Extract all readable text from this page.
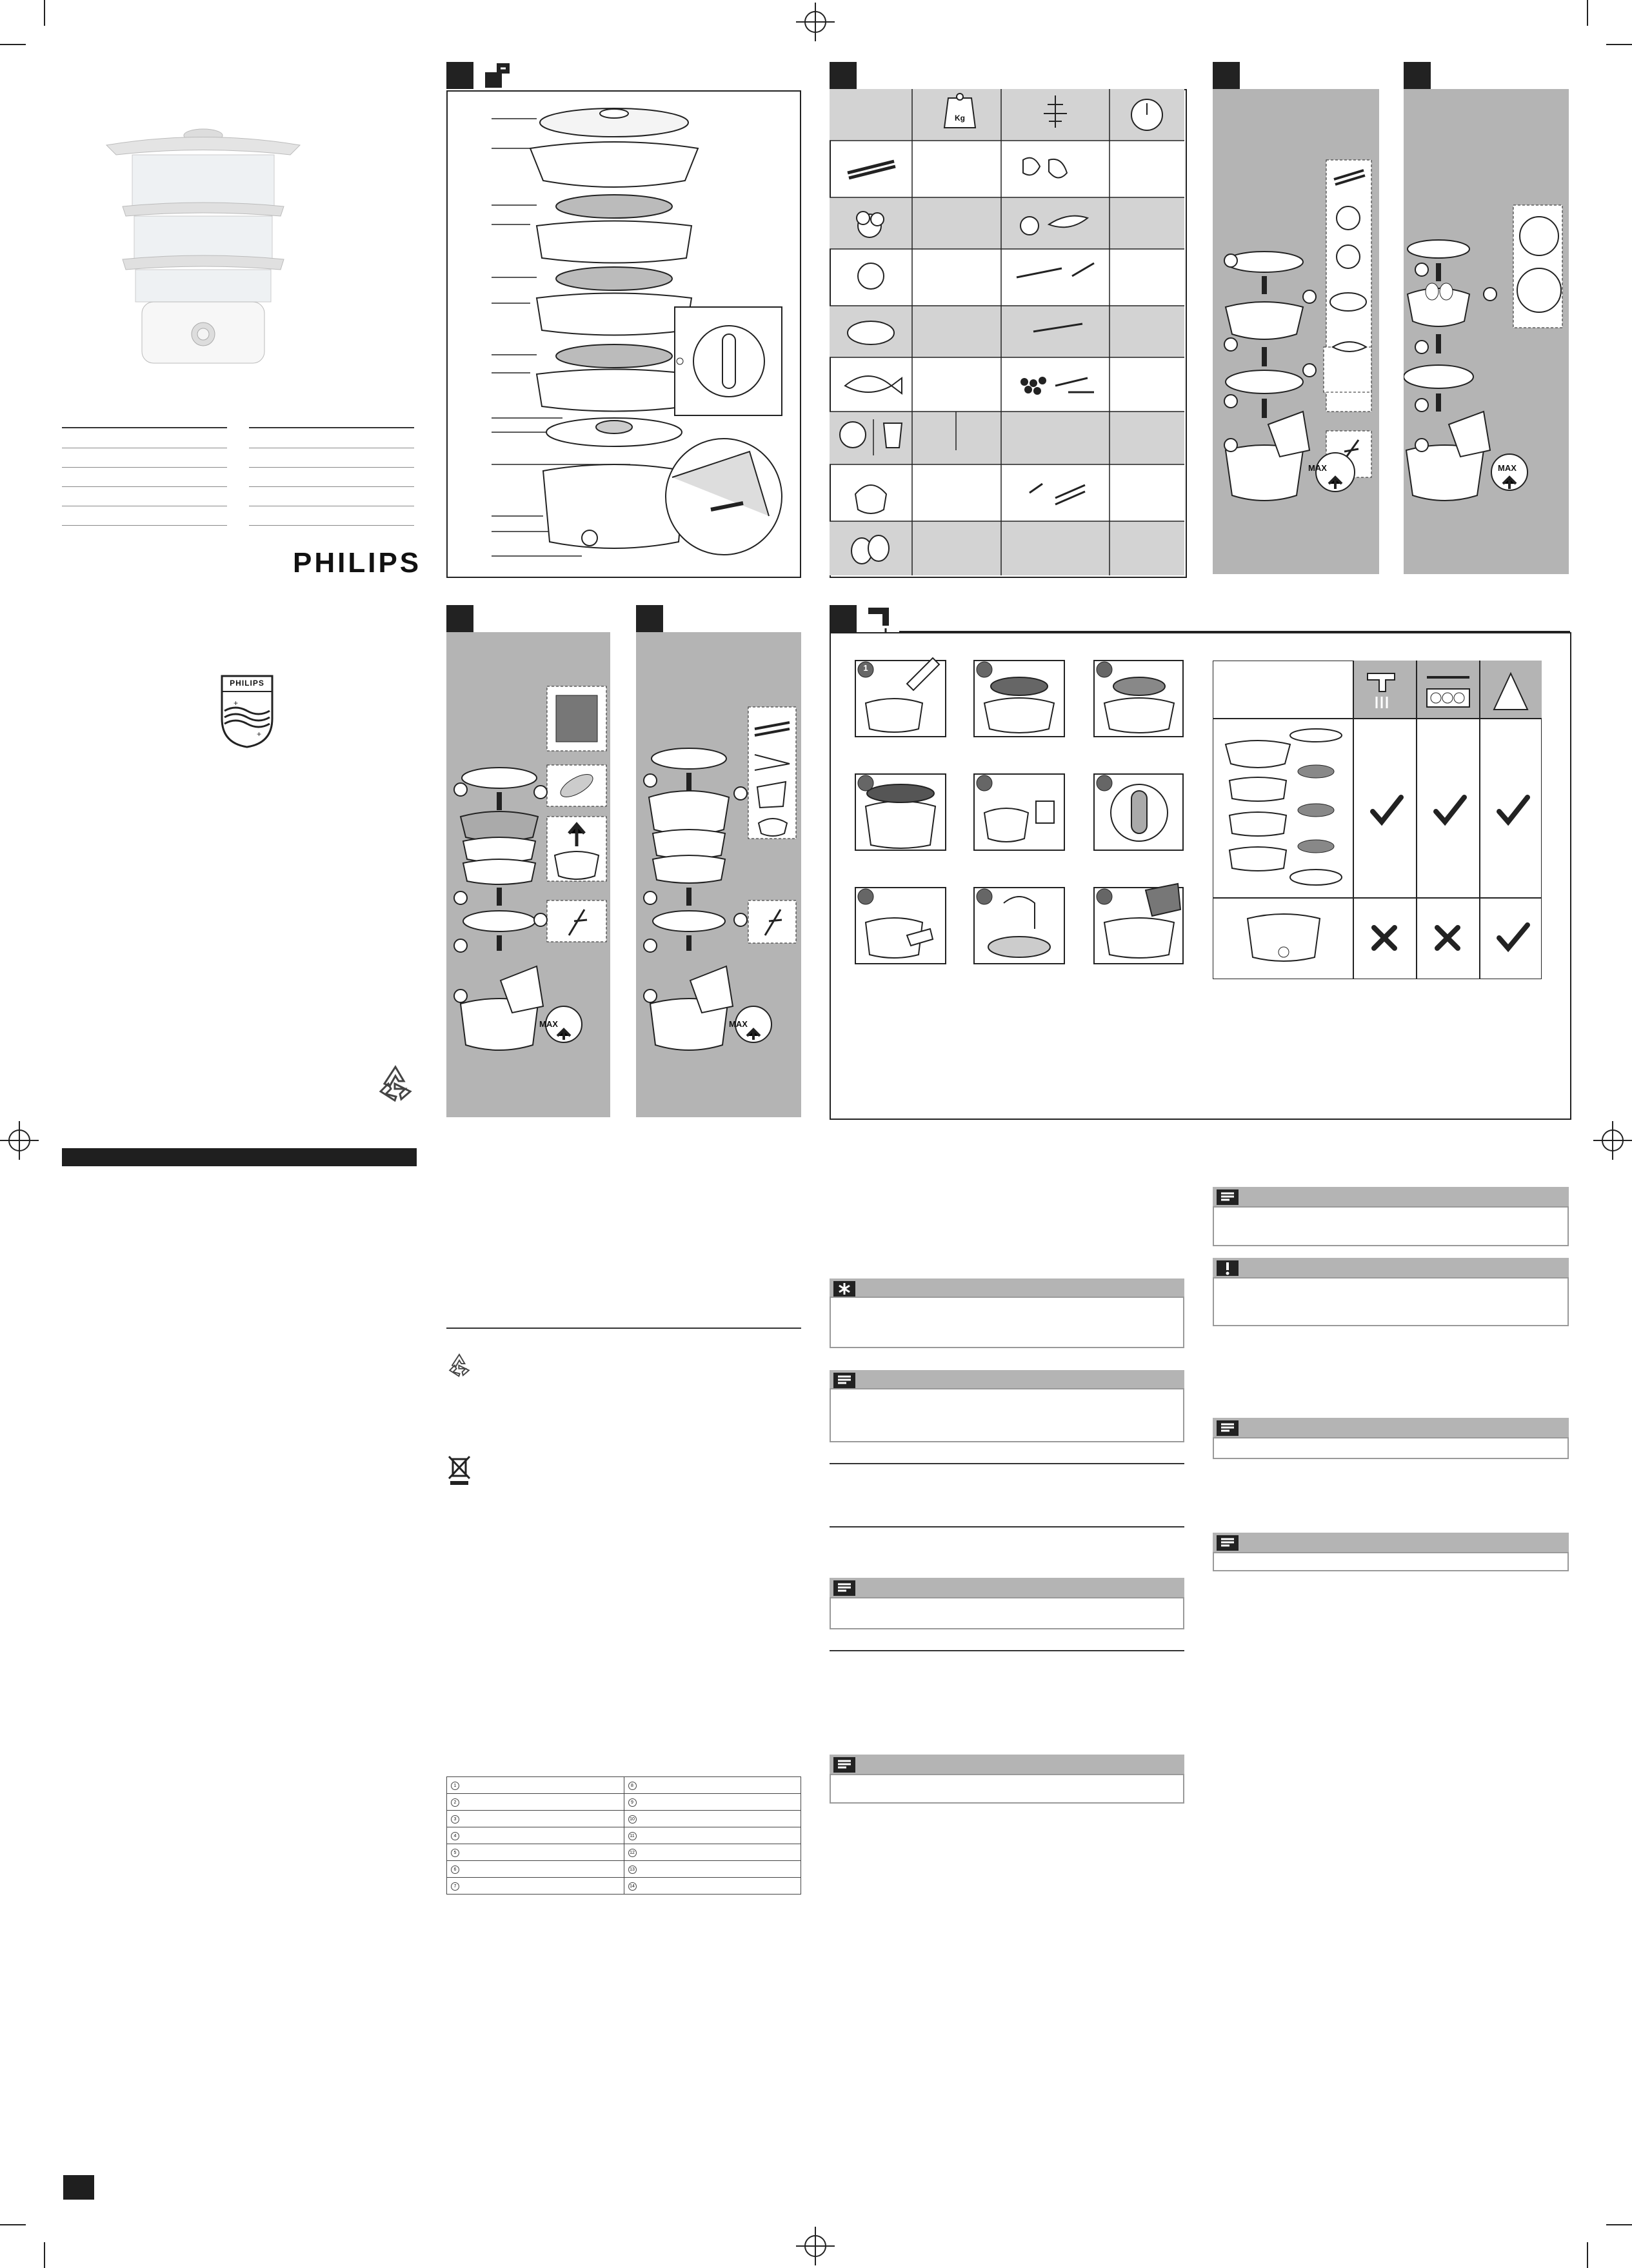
PHILIPS
+
+
PHILIPS
Kg
MAX	MAX
MAX	MAX
1
1	8
2	9
3	10
4	11
5	12
6	13
7	14
